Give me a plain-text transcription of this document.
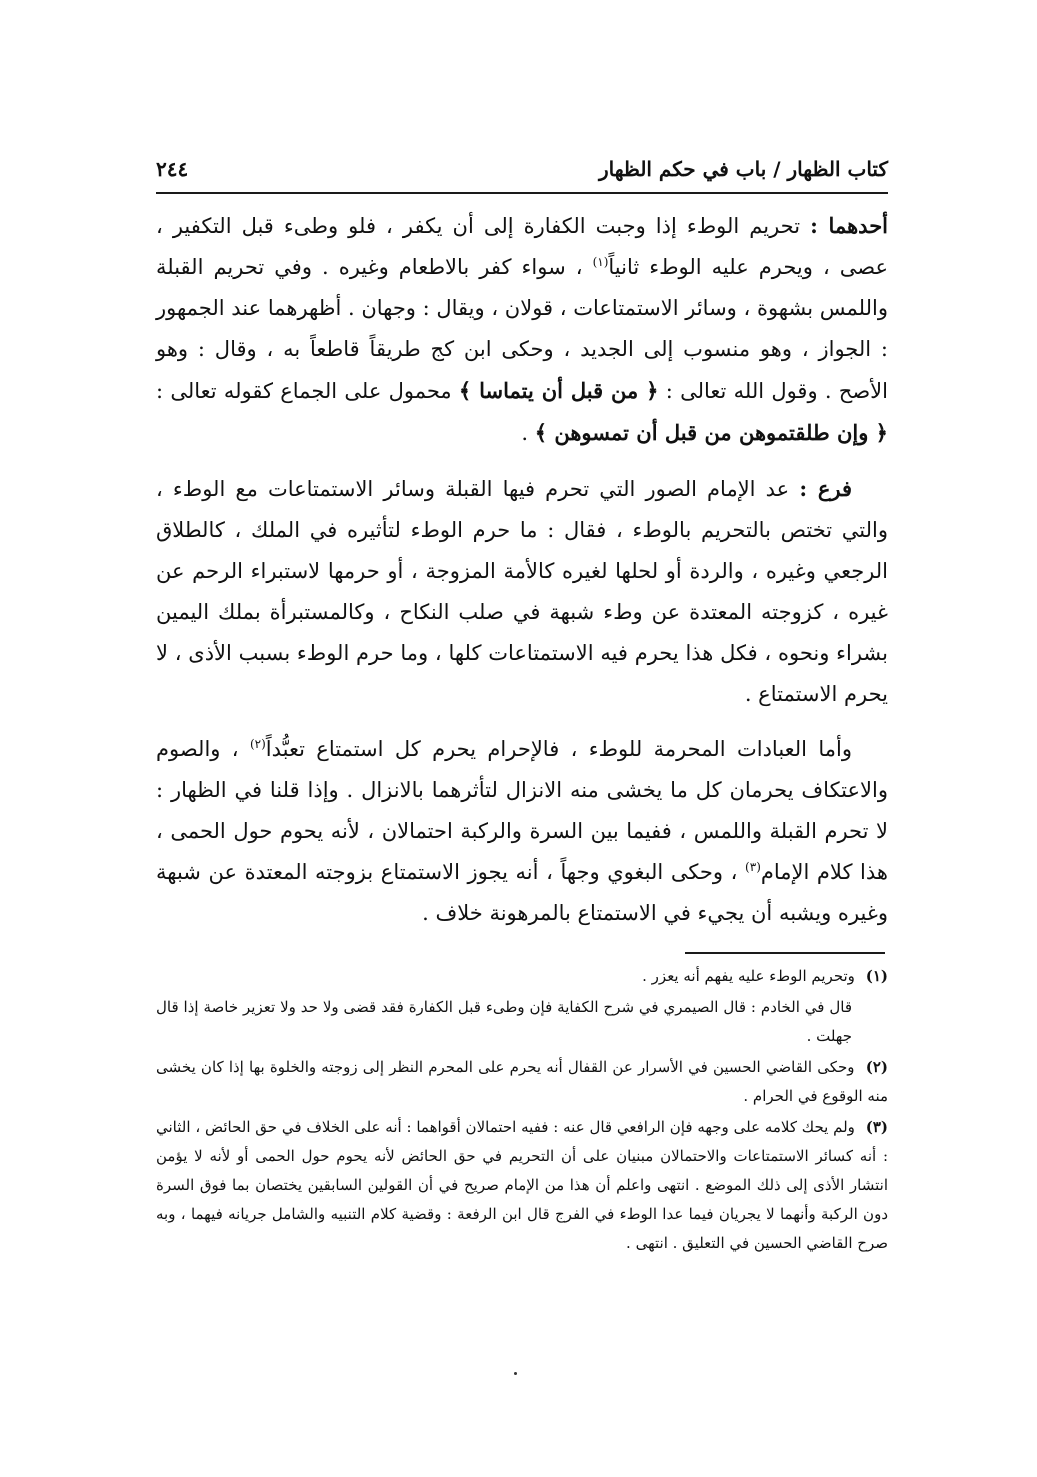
كتاب الظهار / باب في حكم الظهار
٢٤٤

أحدهما : تحريم الوطء إذا وجبت الكفارة إلى أن يكفر ، فلو وطىء قبل التكفير ، عصى ، ويحرم عليه الوطء ثانياً$^{(١)}$ ، سواء كفر بالاطعام وغيره . وفي تحريم القبلة واللمس بشهوة ، وسائر الاستمتاعات ، قولان ، ويقال : وجهان . أظهرهما عند الجمهور : الجواز ، وهو منسوب إلى الجديد ، وحكى ابن كج طريقاً قاطعاً به ، وقال : وهو الأصح . وقول الله تعالى : ﴿ من قبل أن يتماسا ﴾ محمول على الجماع كقوله تعالى : ﴿ وإن طلقتموهن من قبل أن تمسوهن ﴾ .

فرع : عد الإمام الصور التي تحرم فيها القبلة وسائر الاستمتاعات مع الوطء ، والتي تختص بالتحريم بالوطء ، فقال : ما حرم الوطء لتأثيره في الملك ، كالطلاق الرجعي وغيره ، والردة أو لحلها لغيره كالأمة المزوجة ، أو حرمها لاستبراء الرحم عن غيره ، كزوجته المعتدة عن وطء شبهة في صلب النكاح ، وكالمستبرأة بملك اليمين بشراء ونحوه ، فكل هذا يحرم فيه الاستمتاعات كلها ، وما حرم الوطء بسبب الأذى ، لا يحرم الاستمتاع .

وأما العبادات المحرمة للوطء ، فالإحرام يحرم كل استمتاع تعبُّداً$^{(٢)}$ ، والصوم والاعتكاف يحرمان كل ما يخشى منه الانزال لتأثرهما بالانزال . وإذا قلنا في الظهار : لا تحرم القبلة واللمس ، ففيما بين السرة والركبة احتمالان ، لأنه يحوم حول الحمى ، هذا كلام الإمام$^{(٣)}$ ، وحكى البغوي وجهاً ، أنه يجوز الاستمتاع بزوجته المعتدة عن شبهة وغيره ويشبه أن يجيء في الاستمتاع بالمرهونة خلاف .

(١) وتحريم الوطء عليه يفهم أنه يعزر .

قال في الخادم : قال الصيمري في شرح الكفاية فإن وطىء قبل الكفارة فقد قضى ولا حد ولا تعزير خاصة إذا قال جهلت .

(٢) وحكى القاضي الحسين في الأسرار عن القفال أنه يحرم على المحرم النظر إلى زوجته والخلوة بها إذا كان يخشى منه الوقوع في الحرام .

(٣) ولم يحك كلامه على وجهه فإن الرافعي قال عنه : ففيه احتمالان أقواهما : أنه على الخلاف في حق الحائض ، الثاني : أنه كسائر الاستمتاعات والاحتمالان مبنيان على أن التحريم في حق الحائض لأنه يحوم حول الحمى أو لأنه لا يؤمن انتشار الأذى إلى ذلك الموضع . انتهى واعلم أن هذا من الإمام صريح في أن القولين السابقين يختصان بما فوق السرة دون الركبة وأنهما لا يجريان فيما عدا الوطء في الفرج قال ابن الرفعة : وقضية كلام التنبيه والشامل جريانه فيهما ، وبه صرح القاضي الحسين في التعليق . انتهى .
